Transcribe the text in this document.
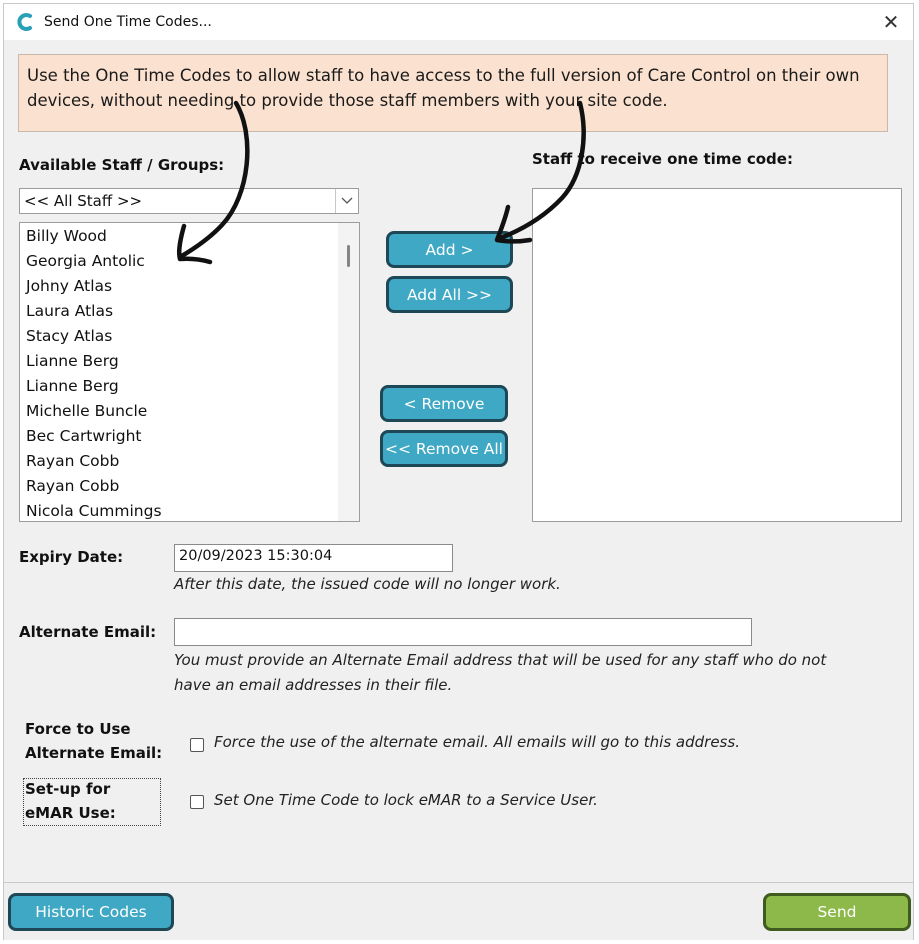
Send One Time Codes...	✕
Use the One Time Codes to allow staff to have access to the full version of Care Control on their own devices, without needing to provide those staff members with your site code.
Available Staff / Groups:
<< All Staff >>
Billy Wood
Georgia Antolic
Johny Atlas
Laura Atlas
Stacy Atlas
Lianne Berg
Lianne Berg
Michelle Buncle
Bec Cartwright
Rayan Cobb
Rayan Cobb
Nicola Cummings
Staff to receive one time code:
Add >
Add All >>
< Remove
<< Remove All
Expiry Date:	20/09/2023 15:30:04
After this date, the issued code will no longer work.
Alternate Email:
You must provide an Alternate Email address that will be used for any staff who do not
have an email addresses in their file.
Force to Use
Alternate Email:
Force the use of the alternate email. All emails will go to this address.
Set-up for
eMAR Use:
Set One Time Code to lock eMAR to a Service User.
Historic Codes	Send
